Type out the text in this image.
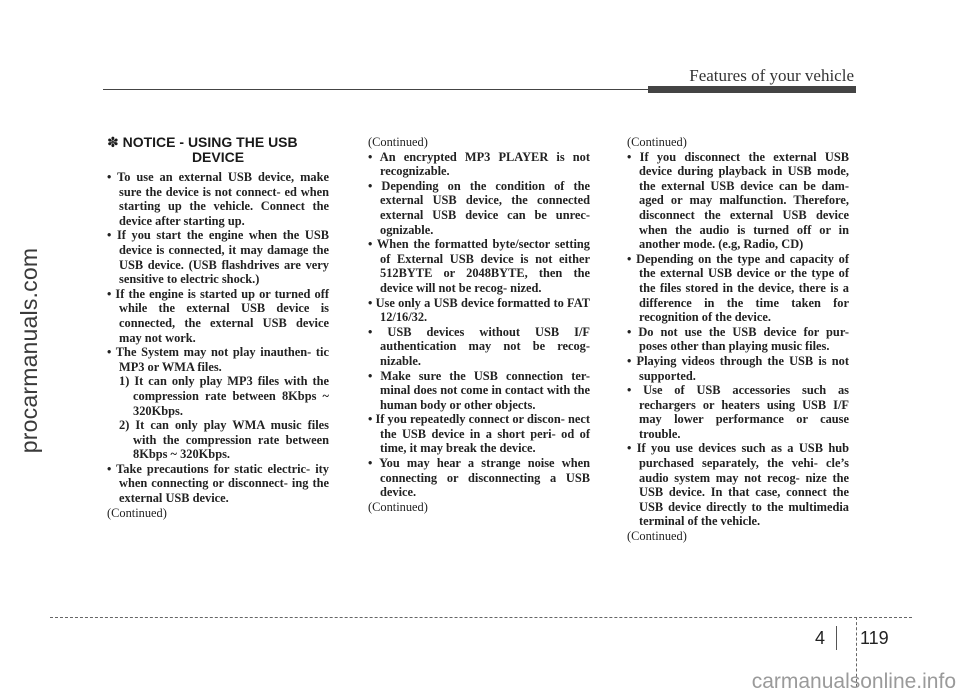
procarmanuals.com
Features of your vehicle
✽ NOTICE - USING THE USB
DEVICE

• To use an external USB device, make sure the device is not connect- ed when starting up the vehicle. Connect the device after starting up.

• If you start the engine when the USB device is connected, it may damage the USB device. (USB flashdrives are very sensitive to electric shock.)

• If the engine is started up or turned off while the external USB device is connected, the external USB device may not work.

• The System may not play inauthen- tic MP3 or WMA files.

1) It can only play MP3 files with the compression rate between 8Kbps ~ 320Kbps.

2) It can only play WMA music files with the compression rate between 8Kbps ~ 320Kbps.

• Take precautions for static electric- ity when connecting or disconnect- ing the external USB device.

(Continued)

(Continued)

• An encrypted MP3 PLAYER is not recognizable.

• Depending on the condition of the external USB device, the connected external USB device can be unrec- ognizable.

• When the formatted byte/sector setting of External USB device is not either 512BYTE or 2048BYTE, then the device will not be recog- nized.

• Use only a USB device formatted to FAT 12/16/32.

• USB devices without USB I/F authentication may not be recog- nizable.

• Make sure the USB connection ter- minal does not come in contact with the human body or other objects.

• If you repeatedly connect or discon- nect the USB device in a short peri- od of time, it may break the device.

• You may hear a strange noise when connecting or disconnecting a USB device.

(Continued)

(Continued)

• If you disconnect the external USB device during playback in USB mode, the external USB device can be dam- aged or may malfunction. Therefore, disconnect the external USB device when the audio is turned off or in another mode. (e.g, Radio, CD)

• Depending on the type and capacity of the external USB device or the type of the files stored in the device, there is a difference in the time taken for recognition of the device.

• Do not use the USB device for pur- poses other than playing music files.

• Playing videos through the USB is not supported.

• Use of USB accessories such as rechargers or heaters using USB I/F may lower performance or cause trouble.

• If you use devices such as a USB hub purchased separately, the vehi- cle’s audio system may not recog- nize the USB device. In that case, connect the USB device directly to the multimedia terminal of the vehicle.

(Continued)

4 119
carmanualsonline.info
